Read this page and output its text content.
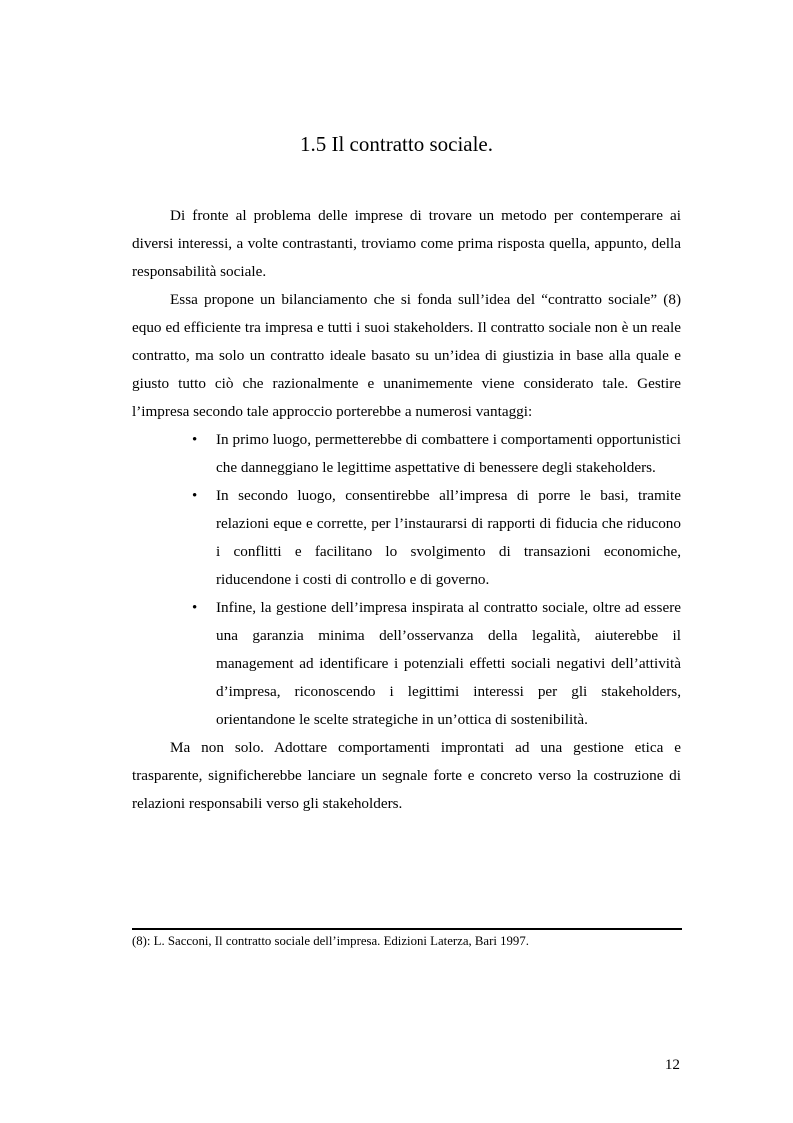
1.5 Il contratto sociale.

Di fronte al problema delle imprese di trovare un metodo per contemperare ai diversi interessi, a volte contrastanti, troviamo come prima risposta quella, appunto, della responsabilità sociale.

Essa propone un bilanciamento che si fonda sull’idea del “contratto sociale” (8) equo ed efficiente tra impresa e tutti i suoi stakeholders. Il contratto sociale non è un reale contratto, ma solo un contratto ideale basato su un’idea di giustizia in base alla quale e giusto tutto ciò che razionalmente e unanimemente viene considerato tale. Gestire l’impresa secondo tale approccio porterebbe a numerosi vantaggi:

• In primo luogo, permetterebbe di combattere i comportamenti opportunistici che danneggiano le legittime aspettative di benessere degli stakeholders.
• In secondo luogo, consentirebbe all’impresa di porre le basi, tramite relazioni eque e corrette, per l’instaurarsi di rapporti di fiducia che riducono i conflitti e facilitano lo svolgimento di transazioni economiche, riducendone i costi di controllo e di governo.
• Infine, la gestione dell’impresa inspirata al contratto sociale, oltre ad essere una garanzia minima dell’osservanza della legalità, aiuterebbe il management ad identificare i potenziali effetti sociali negativi dell’attività d’impresa, riconoscendo i legittimi interessi per gli stakeholders, orientandone le scelte strategiche in un’ottica di sostenibilità.

Ma non solo. Adottare comportamenti improntati ad una gestione etica e trasparente, significherebbe lanciare un segnale forte e concreto verso la costruzione di relazioni responsabili verso gli stakeholders.

(8): L. Sacconi, Il contratto sociale dell’impresa. Edizioni Laterza, Bari 1997.

12
